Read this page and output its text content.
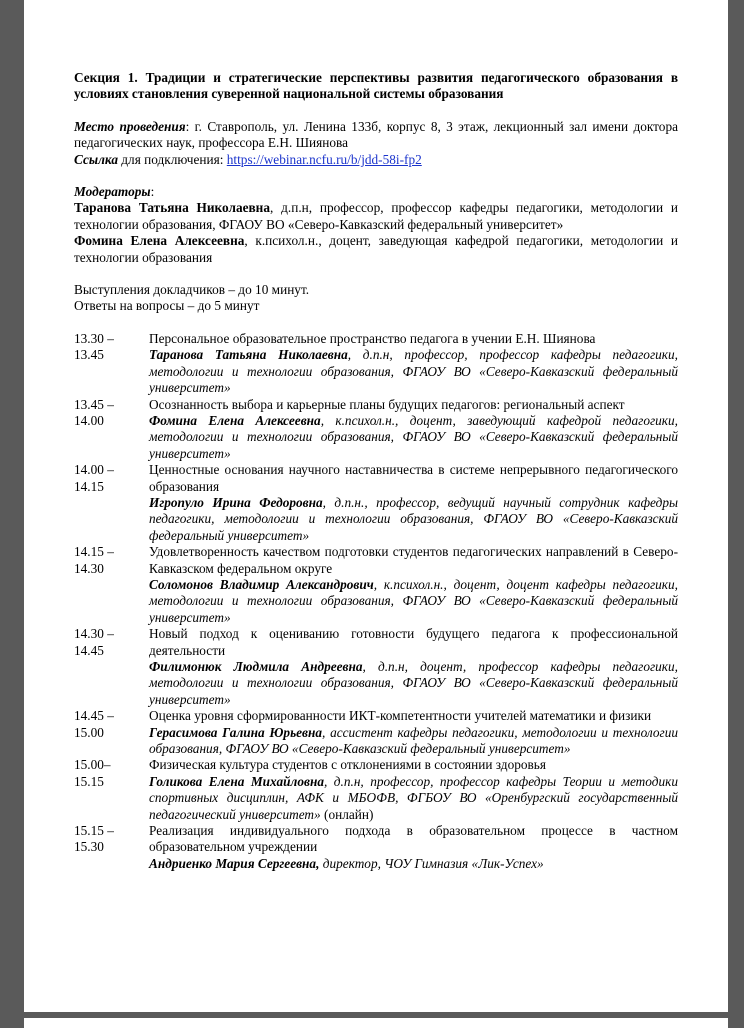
Секция 1. Традиции и стратегические перспективы развития педагогического образования в условиях становления суверенной национальной системы образования

Место проведения: г. Ставрополь, ул. Ленина 133б, корпус 8, 3 этаж, лекционный зал имени доктора педагогических наук, профессора Е.Н. Шиянова

Ссылка для подключения: https://webinar.ncfu.ru/b/jdd-58i-fp2

Модераторы:

Таранова Татьяна Николаевна, д.п.н, профессор, профессор кафедры педагогики, методологии и технологии образования, ФГАОУ ВО «Северо-Кавказский федеральный университет»

Фомина Елена Алексеевна, к.психол.н., доцент, заведующая кафедрой педагогики, методологии и технологии образования

Выступления докладчиков – до 10 минут.

Ответы на вопросы – до 5 минут

13.30 –
13.45

Персональное образовательное пространство педагога в учении Е.Н. Шиянова

Таранова Татьяна Николаевна, д.п.н, профессор, профессор кафедры педагогики, методологии и технологии образования, ФГАОУ ВО «Северо-Кавказский федеральный университет»

13.45 –
14.00

Осознанность выбора и карьерные планы будущих педагогов: региональный аспект

Фомина Елена Алексеевна, к.психол.н., доцент, заведующий кафедрой педагогики, методологии и технологии образования, ФГАОУ ВО «Северо-Кавказский федеральный университет»

14.00 –
14.15

Ценностные основания научного наставничества в системе непрерывного педагогического образования

Игропуло Ирина Федоровна, д.п.н., профессор, ведущий научный сотрудник кафедры педагогики, методологии и технологии образования, ФГАОУ ВО «Северо-Кавказский федеральный университет»

14.15 –
14.30

Удовлетворенность качеством подготовки студентов педагогических направлений в Северо-Кавказском федеральном округе

Соломонов Владимир Александрович, к.психол.н., доцент, доцент кафедры педагогики, методологии и технологии образования, ФГАОУ ВО «Северо-Кавказский федеральный университет»

14.30 –
14.45

Новый подход к оцениванию готовности будущего педагога к профессиональной деятельности

Филимонюк Людмила Андреевна, д.п.н, доцент, профессор кафедры педагогики, методологии и технологии образования, ФГАОУ ВО «Северо-Кавказский федеральный университет»

14.45 –
15.00

Оценка уровня сформированности ИКТ-компетентности учителей математики и физики

Герасимова Галина Юрьевна, ассистент кафедры педагогики, методологии и технологии образования, ФГАОУ ВО «Северо-Кавказский федеральный университет»

15.00–
15.15

Физическая культура студентов с отклонениями в состоянии здоровья

Голикова Елена Михайловна, д.п.н, профессор, профессор кафедры Теории и методики спортивных дисциплин, АФК и МБОФВ, ФГБОУ ВО «Оренбургский государственный педагогический университет» (онлайн)

15.15 –
15.30

Реализация индивидуального подхода в образовательном процессе в частном образовательном учреждении

Андриенко Мария Сергеевна, директор, ЧОУ Гимназия «Лик-Успех»
